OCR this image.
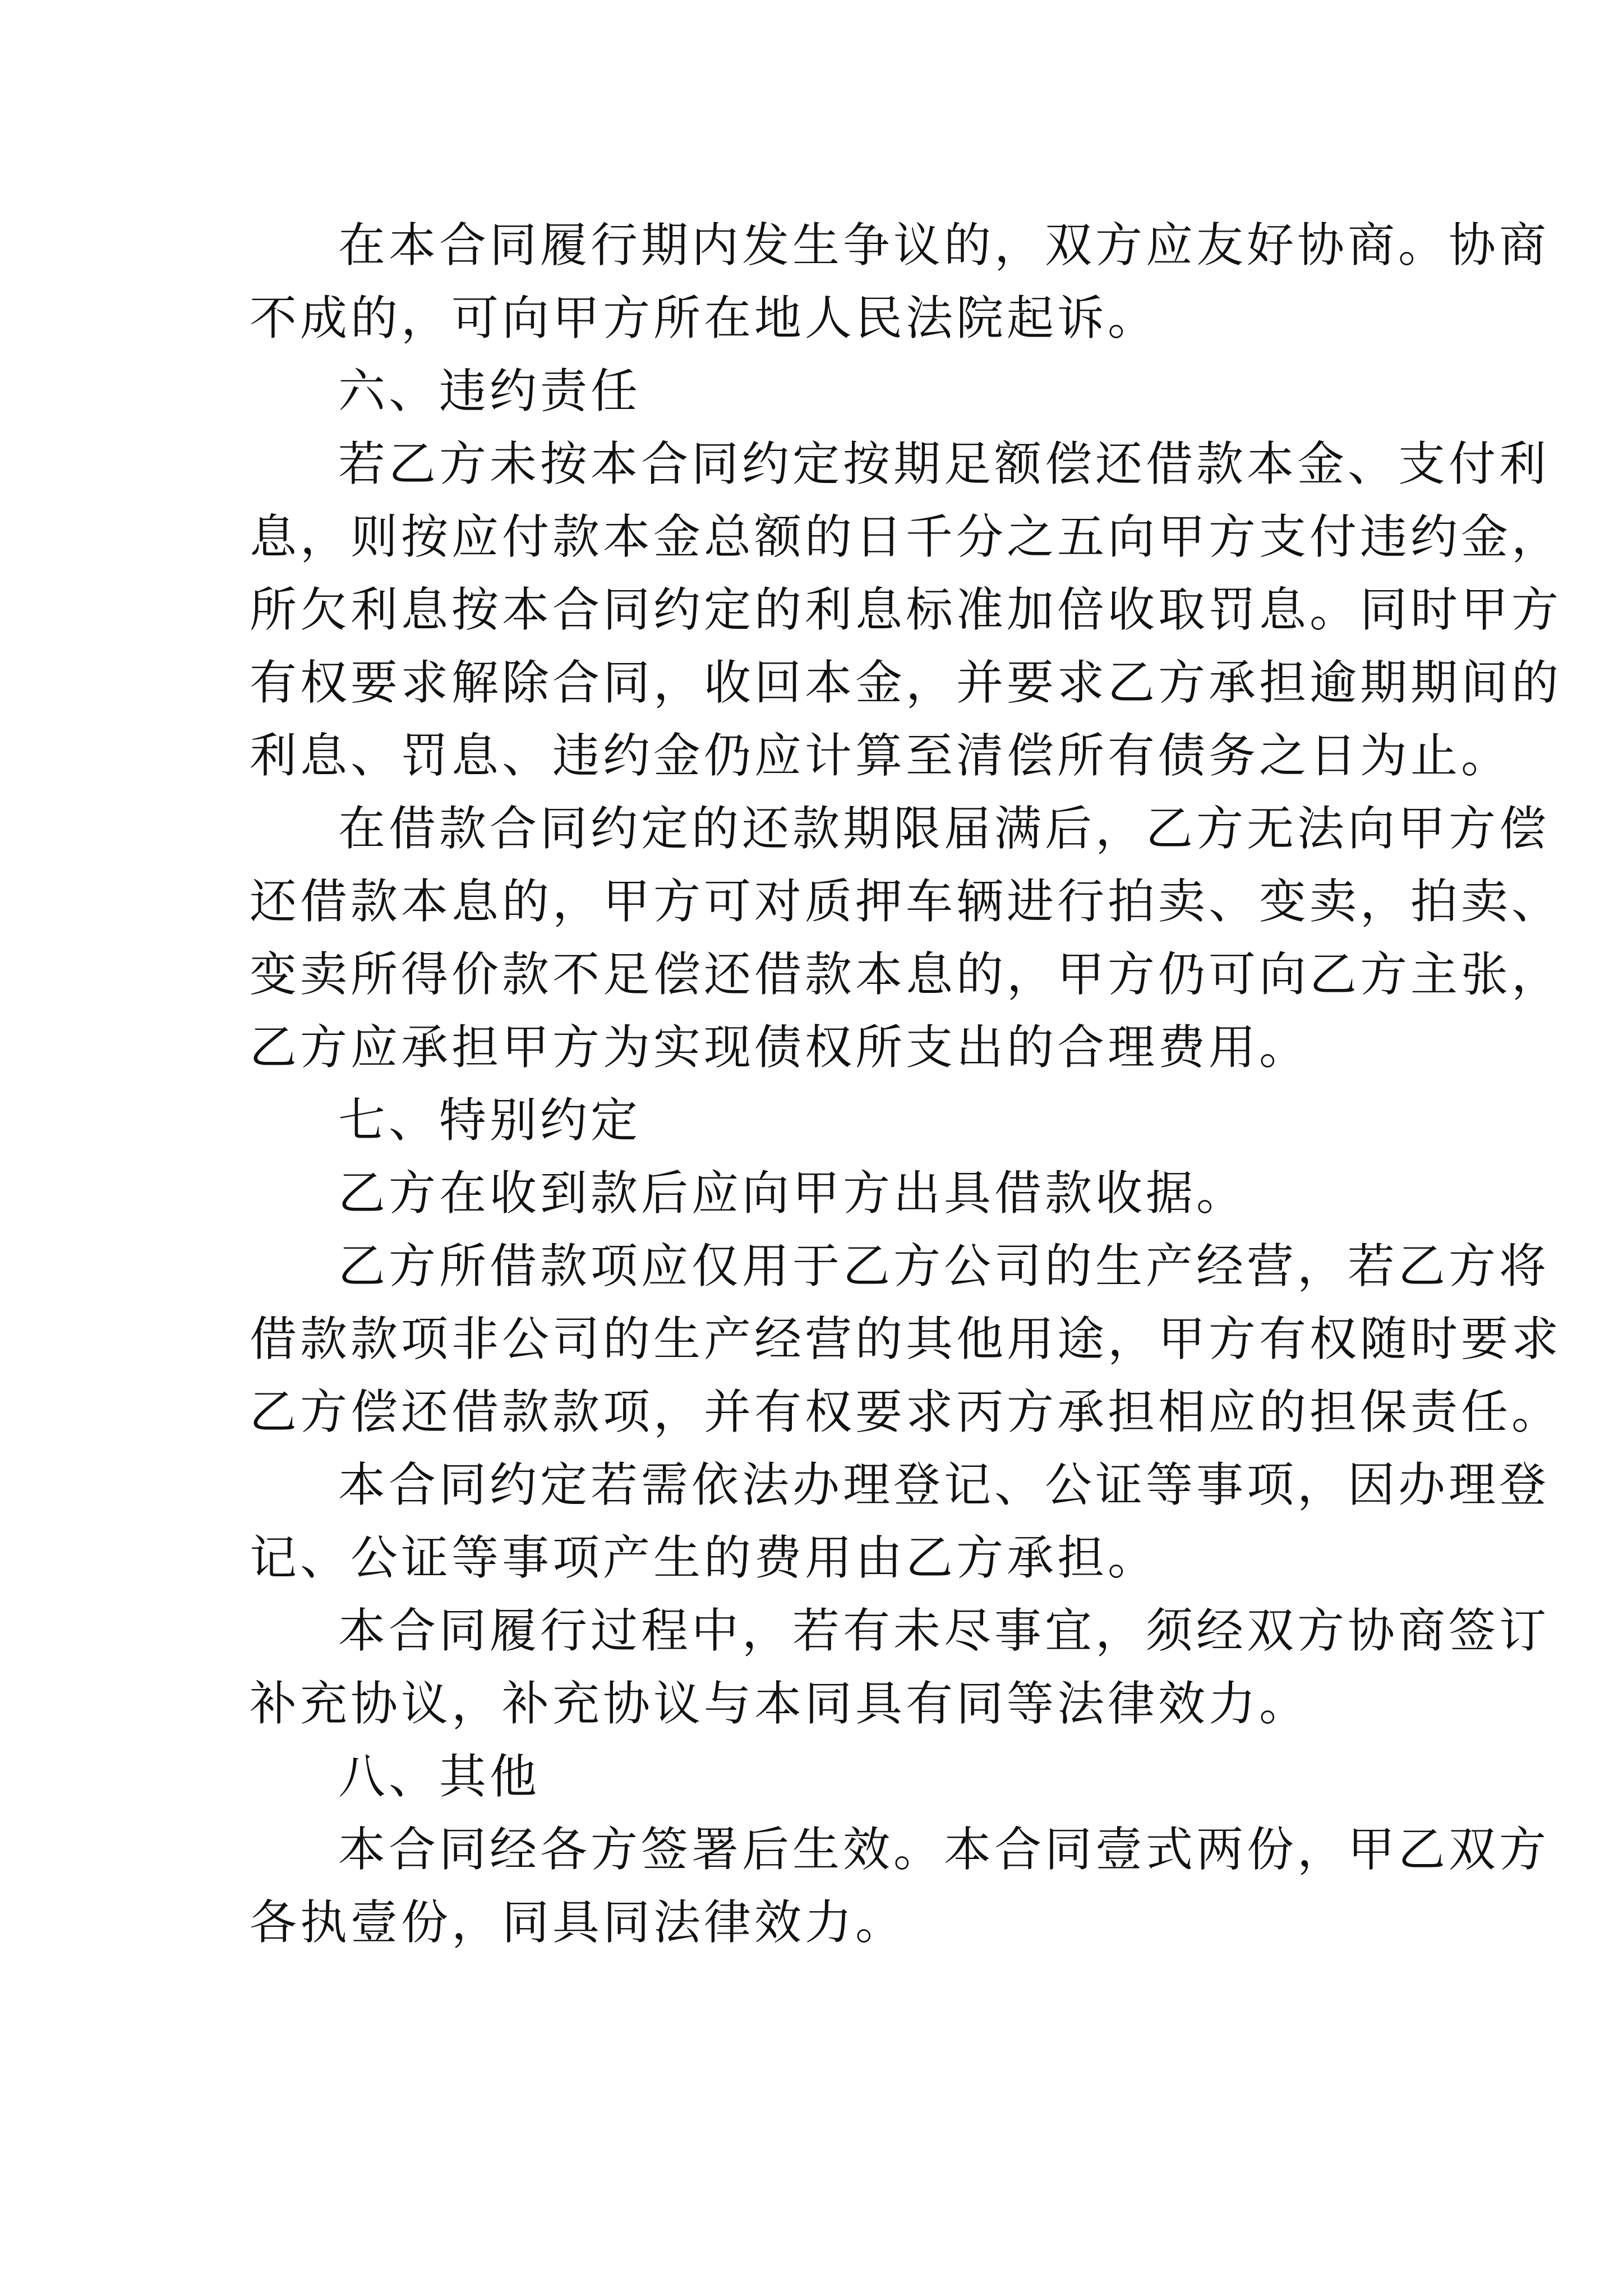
在本合同履行期内发生争议的，双方应友好协商。协商
不成的，可向甲方所在地人民法院起诉。
六、违约责任
若乙方未按本合同约定按期足额偿还借款本金、支付利
息，则按应付款本金总额的日千分之五向甲方支付违约金，
所欠利息按本合同约定的利息标准加倍收取罚息。同时甲方
有权要求解除合同，收回本金，并要求乙方承担逾期期间的
利息、罚息、违约金仍应计算至清偿所有债务之日为止。
在借款合同约定的还款期限届满后，乙方无法向甲方偿
还借款本息的，甲方可对质押车辆进行拍卖、变卖，拍卖、
变卖所得价款不足偿还借款本息的，甲方仍可向乙方主张，
乙方应承担甲方为实现债权所支出的合理费用。
七、特别约定
乙方在收到款后应向甲方出具借款收据。
乙方所借款项应仅用于乙方公司的生产经营，若乙方将
借款款项非公司的生产经营的其他用途，甲方有权随时要求
乙方偿还借款款项，并有权要求丙方承担相应的担保责任。
本合同约定若需依法办理登记、公证等事项，因办理登
记、公证等事项产生的费用由乙方承担。
本合同履行过程中，若有未尽事宜，须经双方协商签订
补充协议，补充协议与本同具有同等法律效力。
八、其他
本合同经各方签署后生效。本合同壹式两份，甲乙双方
各执壹份，同具同法律效力。
